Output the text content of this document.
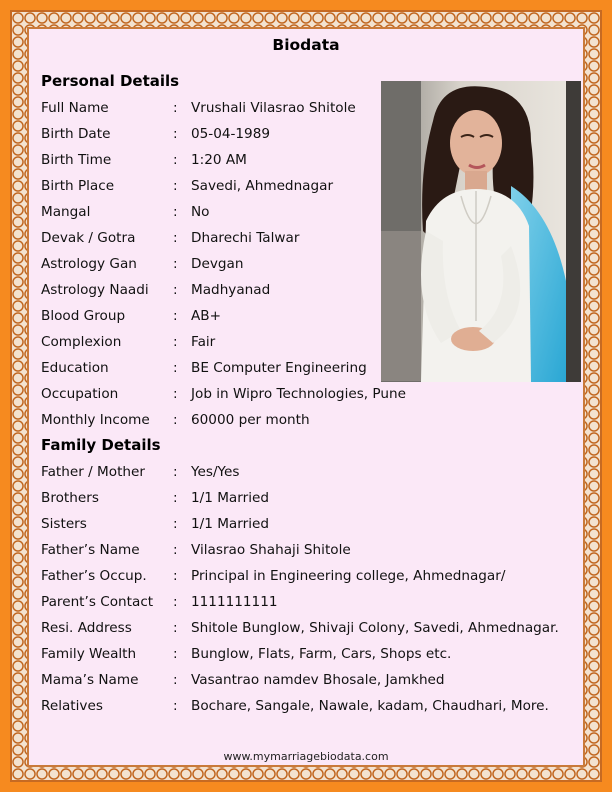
Biodata
Personal Details
Full Name	: Vrushali Vilasrao Shitole
Birth Date	: 05-04-1989
Birth Time	: 1:20 AM
Birth Place	: Savedi, Ahmednagar
Mangal	: No
Devak / Gotra	: Dharechi Talwar
Astrology Gan	: Devgan
Astrology Naadi : Madhyanad
Blood Group	: AB+
Complexion	: Fair
Education	: BE Computer Engineering
Occupation	: Job in Wipro Technologies, Pune
Monthly Income : 60000 per month
Family Details
Father / Mother : Yes/Yes
Brothers	: 1/1 Married
Sisters	: 1/1 Married
Father’s Name : Vilasrao Shahaji Shitole
Father’s Occup. : Principal in Engineering college, Ahmednagar/
Parent’s Contact : 1111111111
Resi. Address	: Shitole Bunglow, Shivaji Colony, Savedi, Ahmednagar.
Family Wealth	: Bunglow, Flats, Farm, Cars, Shops etc.
Mama’s Name	: Vasantrao namdev Bhosale, Jamkhed
Relatives	: Bochare, Sangale, Nawale, kadam, Chaudhari, More.
www.mymarriagebiodata.com
